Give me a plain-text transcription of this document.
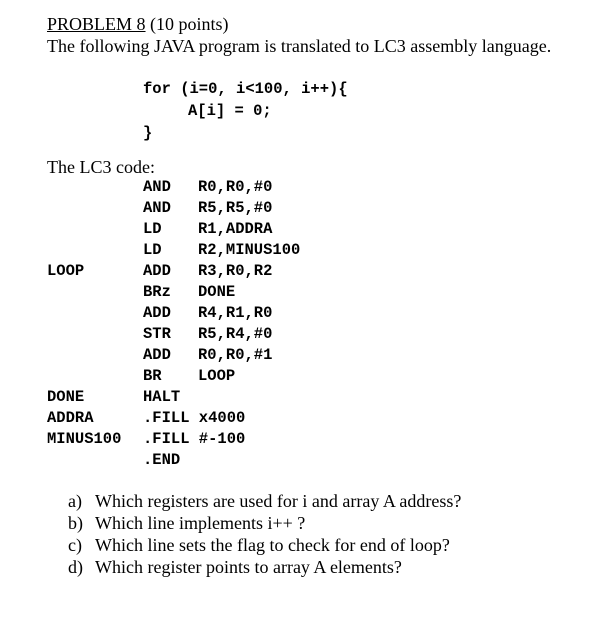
PROBLEM 8 (10 points)
The following JAVA program is translated to LC3 assembly language.
for (i=0, i<100, i++){
A[i] = 0;
}
The LC3 code:
AND R0,R0,#0
AND R5,R5,#0
LD R1,ADDRA
LD R2,MINUS100
LOOP	ADD R3,R0,R2
BRz DONE
ADD R4,R1,R0
STR R5,R4,#0
ADD R0,R0,#1
BR LOOP
DONE	HALT
ADDRA	.FILL x4000
MINUS100 .FILL #-100
.END
a) Which registers are used for i and array A address?
b) Which line implements i++ ?
c) Which line sets the flag to check for end of loop?
d) Which register points to array A elements?
